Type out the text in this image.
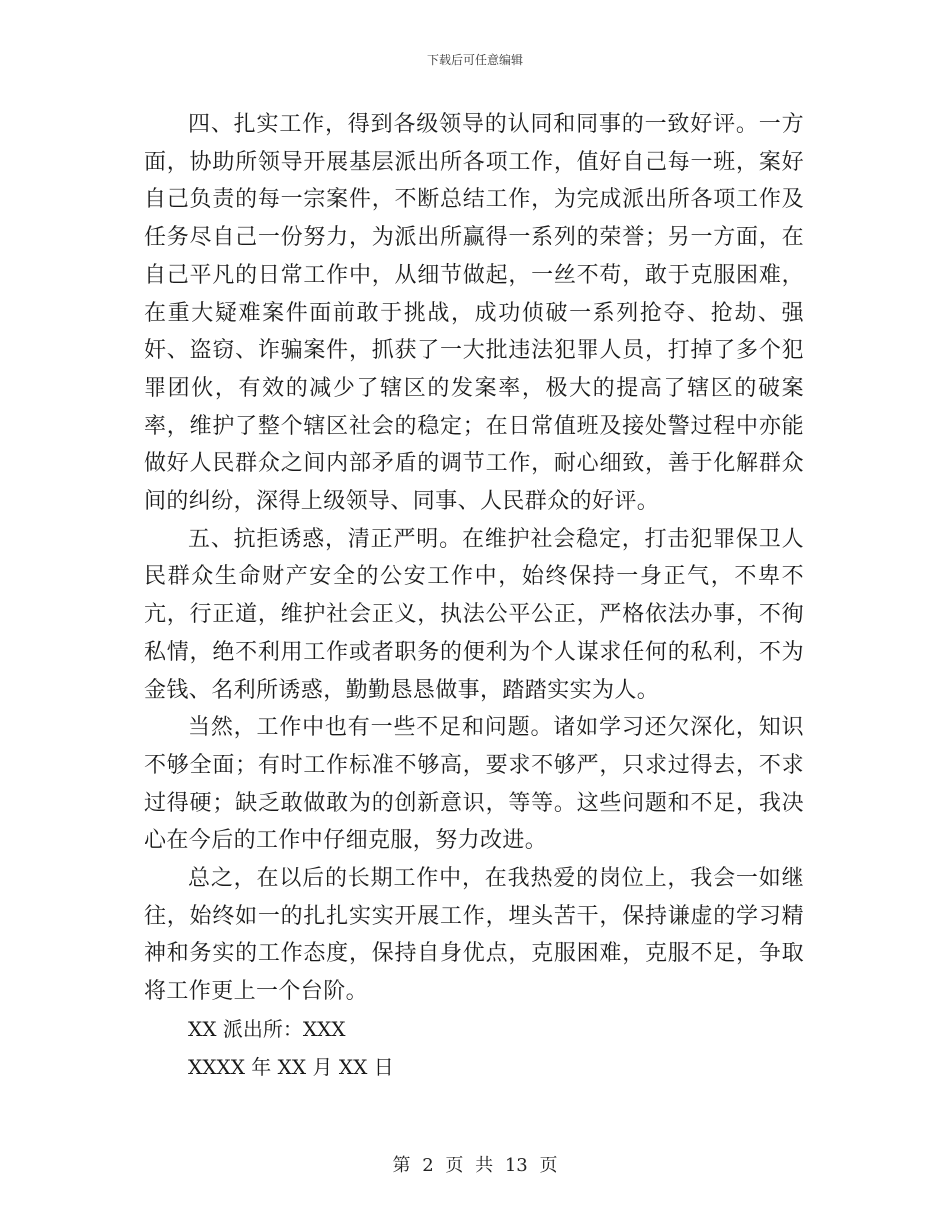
下载后可任意编辑

四、扎实工作，得到各级领导的认同和同事的一致好评。一方面，协助所领导开展基层派出所各项工作，值好自己每一班，案好自己负责的每一宗案件，不断总结工作，为完成派出所各项工作及任务尽自己一份努力，为派出所赢得一系列的荣誉；另一方面，在自己平凡的日常工作中，从细节做起，一丝不苟，敢于克服困难，在重大疑难案件面前敢于挑战，成功侦破一系列抢夺、抢劫、强奸、盗窃、诈骗案件，抓获了一大批违法犯罪人员，打掉了多个犯罪团伙，有效的减少了辖区的发案率，极大的提高了辖区的破案率，维护了整个辖区社会的稳定；在日常值班及接处警过程中亦能做好人民群众之间内部矛盾的调节工作，耐心细致，善于化解群众间的纠纷，深得上级领导、同事、人民群众的好评。

五、抗拒诱惑，清正严明。在维护社会稳定，打击犯罪保卫人民群众生命财产安全的公安工作中，始终保持一身正气，不卑不亢，行正道，维护社会正义，执法公平公正，严格依法办事，不徇私情，绝不利用工作或者职务的便利为个人谋求任何的私利，不为金钱、名利所诱惑，勤勤恳恳做事，踏踏实实为人。

当然，工作中也有一些不足和问题。诸如学习还欠深化，知识不够全面；有时工作标准不够高，要求不够严，只求过得去，不求过得硬；缺乏敢做敢为的创新意识，等等。这些问题和不足，我决心在今后的工作中仔细克服，努力改进。

总之，在以后的长期工作中，在我热爱的岗位上，我会一如继往，始终如一的扎扎实实开展工作，埋头苦干，保持谦虚的学习精神和务实的工作态度，保持自身优点，克服困难，克服不足，争取将工作更上一个台阶。

XX 派出所：XXX

XXXX 年 XX 月 XX 日

第 2 页 共 13 页
